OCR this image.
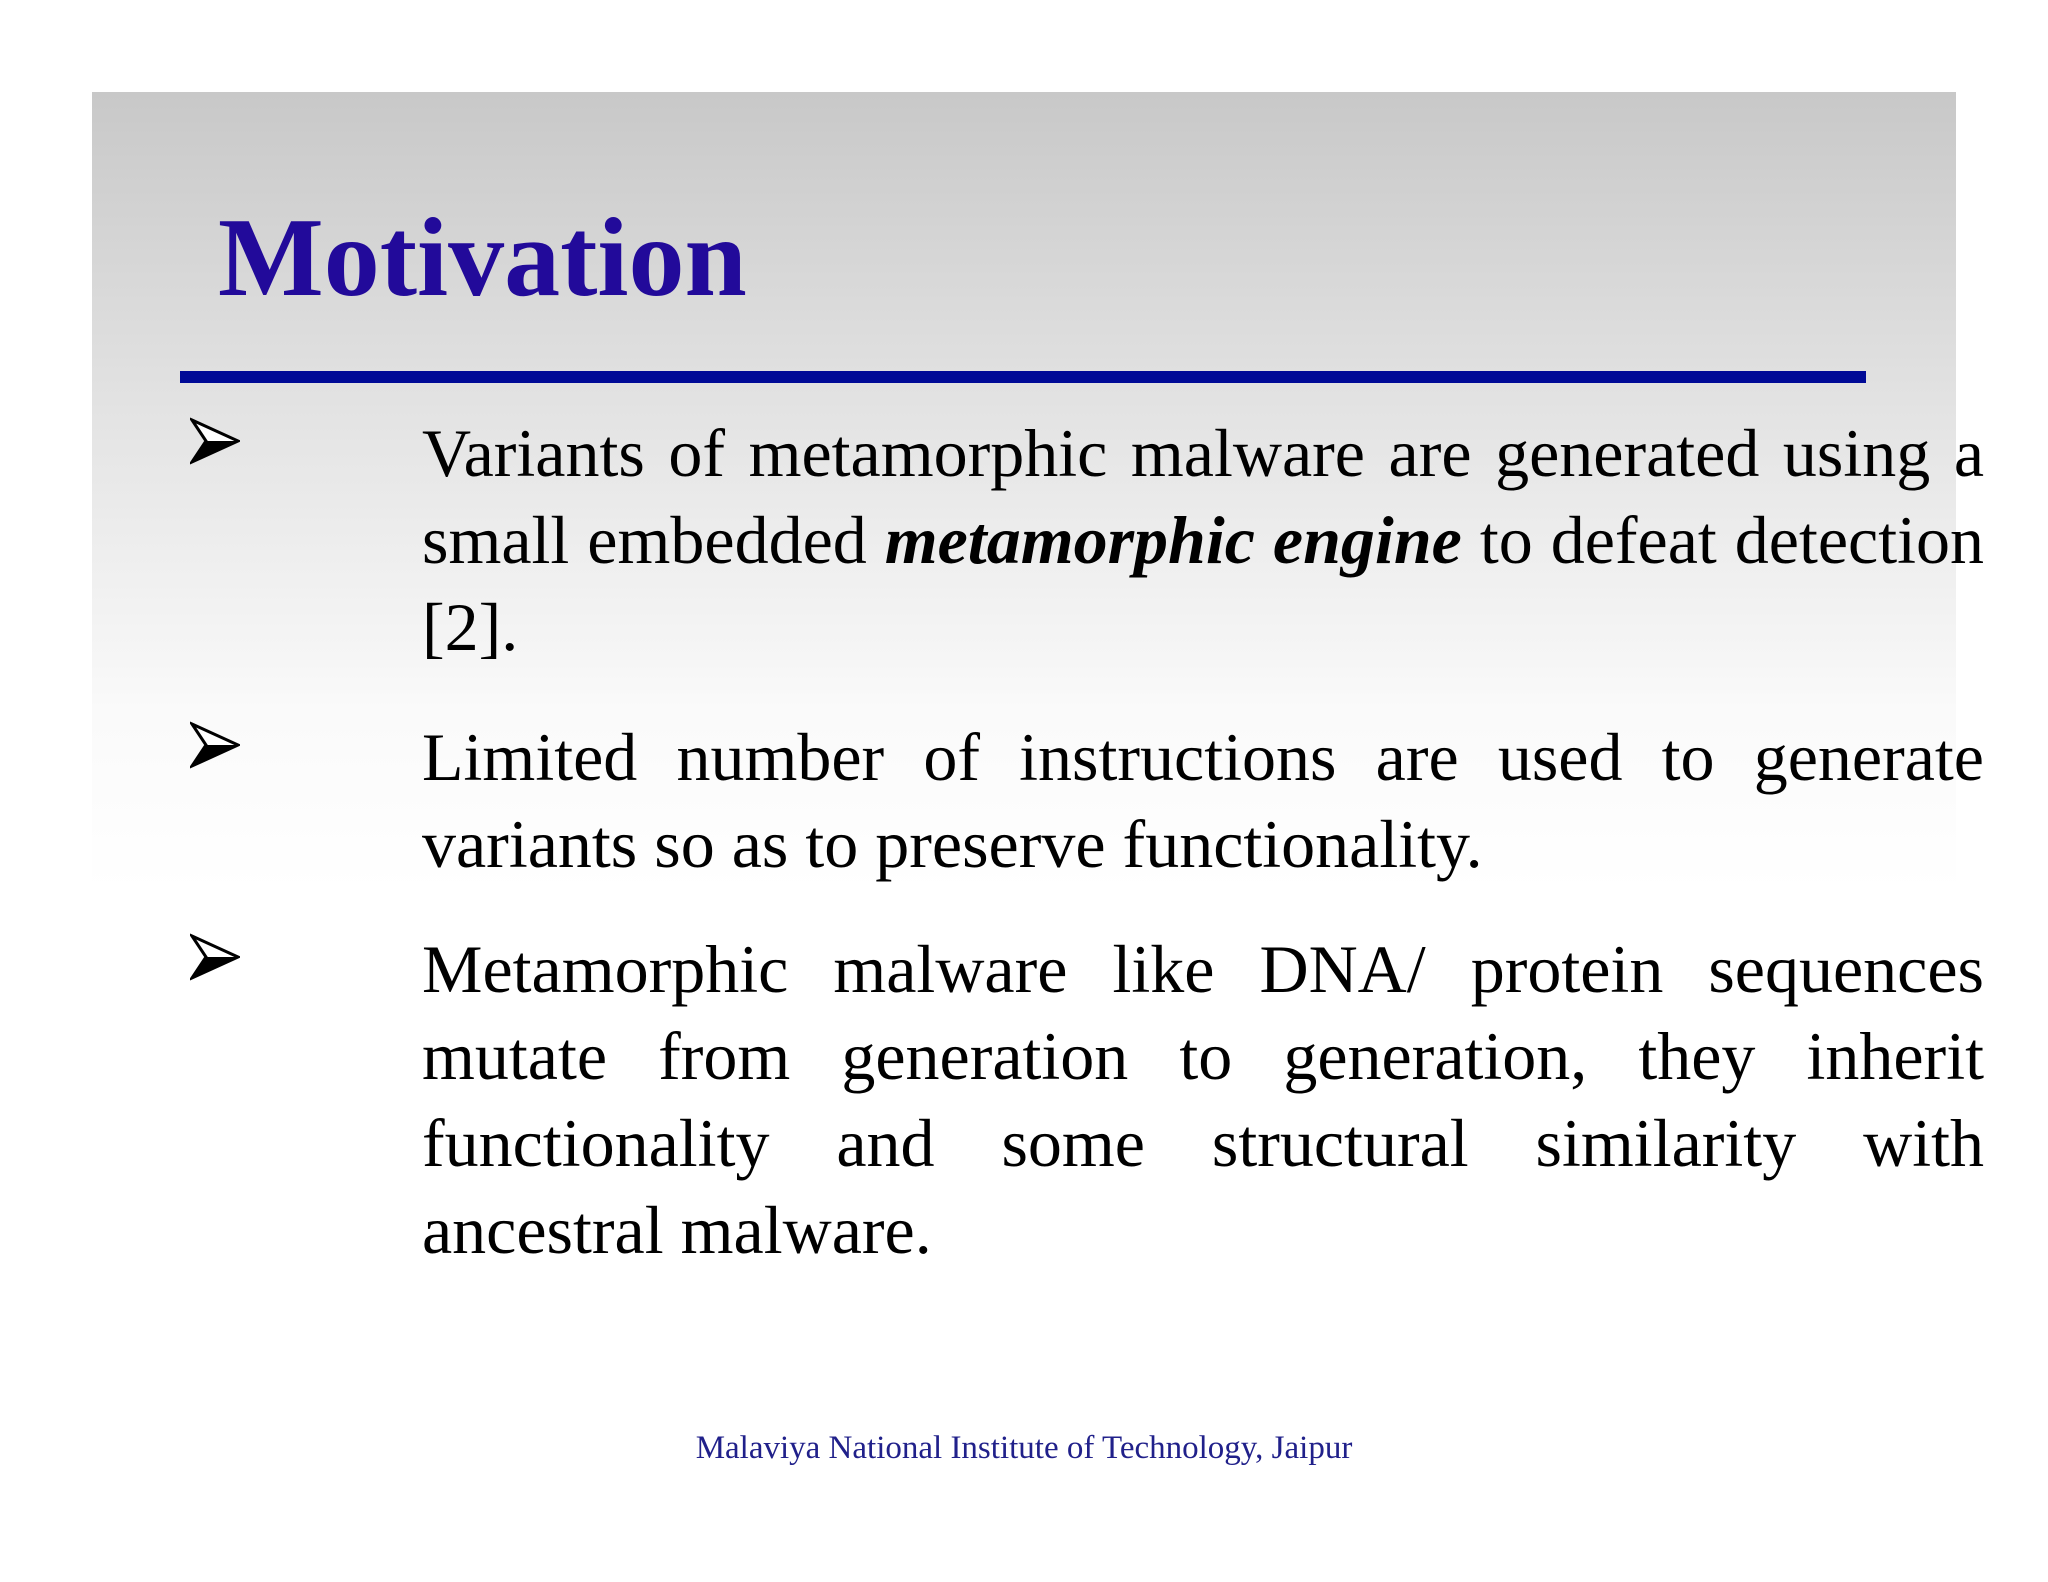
Motivation

Variants of metamorphic malware are generated using a small embedded metamorphic engine to defeat detection [2].

Limited number of instructions are used to generate variants so as to preserve functionality.

Metamorphic malware like DNA/ protein sequences mutate from generation to generation, they inherit functionality and some structural similarity with ancestral malware.

Malaviya National Institute of Technology, Jaipur
